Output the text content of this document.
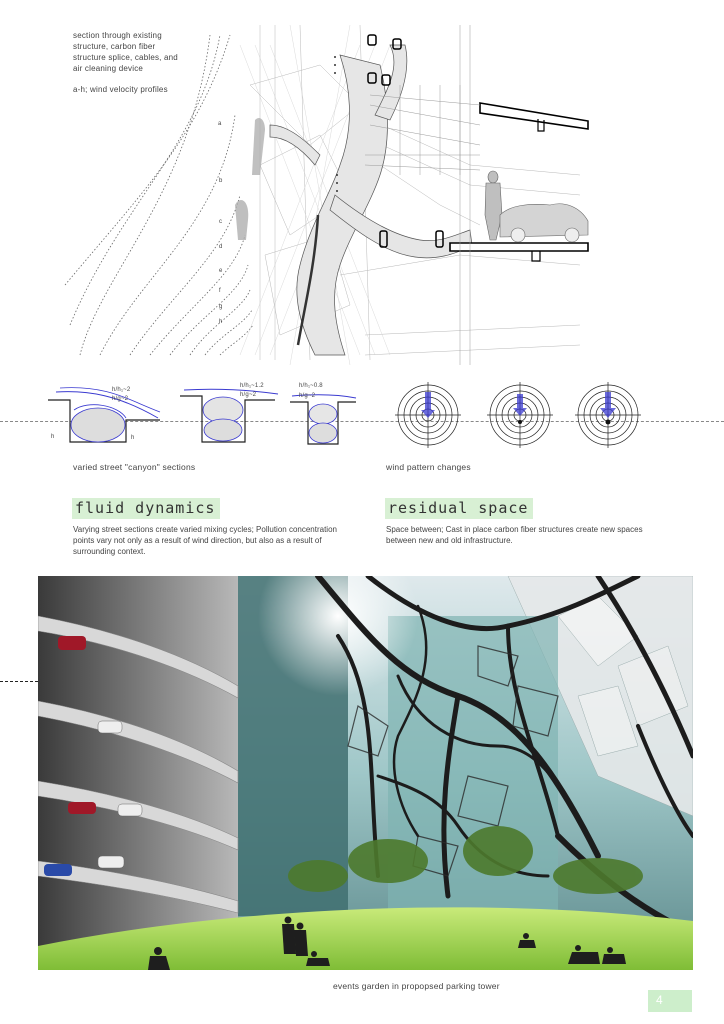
section through existing
structure, carbon fiber
structure splice, cables, and
air cleaning device
a-h; wind velocity profiles
a
b
c
d
e
f
g
h
h/h₁~2
h/g~2
h	h
h/h₁~1.2
h/g~2
h/h₁~0.8
h/g~2
varied street "canyon" sections	wind pattern changes
fluid dynamics
Varying street sections create varied mixing cycles; Pollution concentration points vary not only as a result of wind direction, but also as a result of surrounding context.
residual space
Space between; Cast in place carbon fiber structures create new spaces between new and old infrastructure.
events garden in propopsed parking tower
4
